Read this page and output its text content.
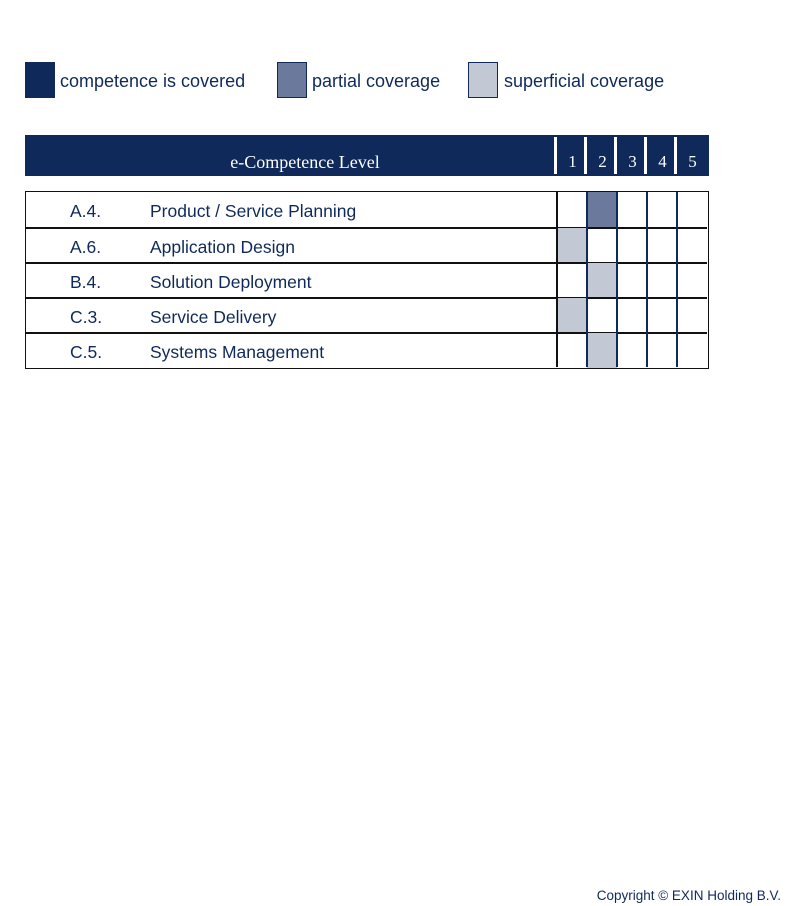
competence is covered	partial coverage	superficial coverage
e-Competence Level	1	2	3	4	5
A.4.	Product / Service Planning
A.6.	Application Design
B.4.	Solution Deployment
C.3.	Service Delivery
C.5.	Systems Management
Copyright © EXIN Holding B.V.
